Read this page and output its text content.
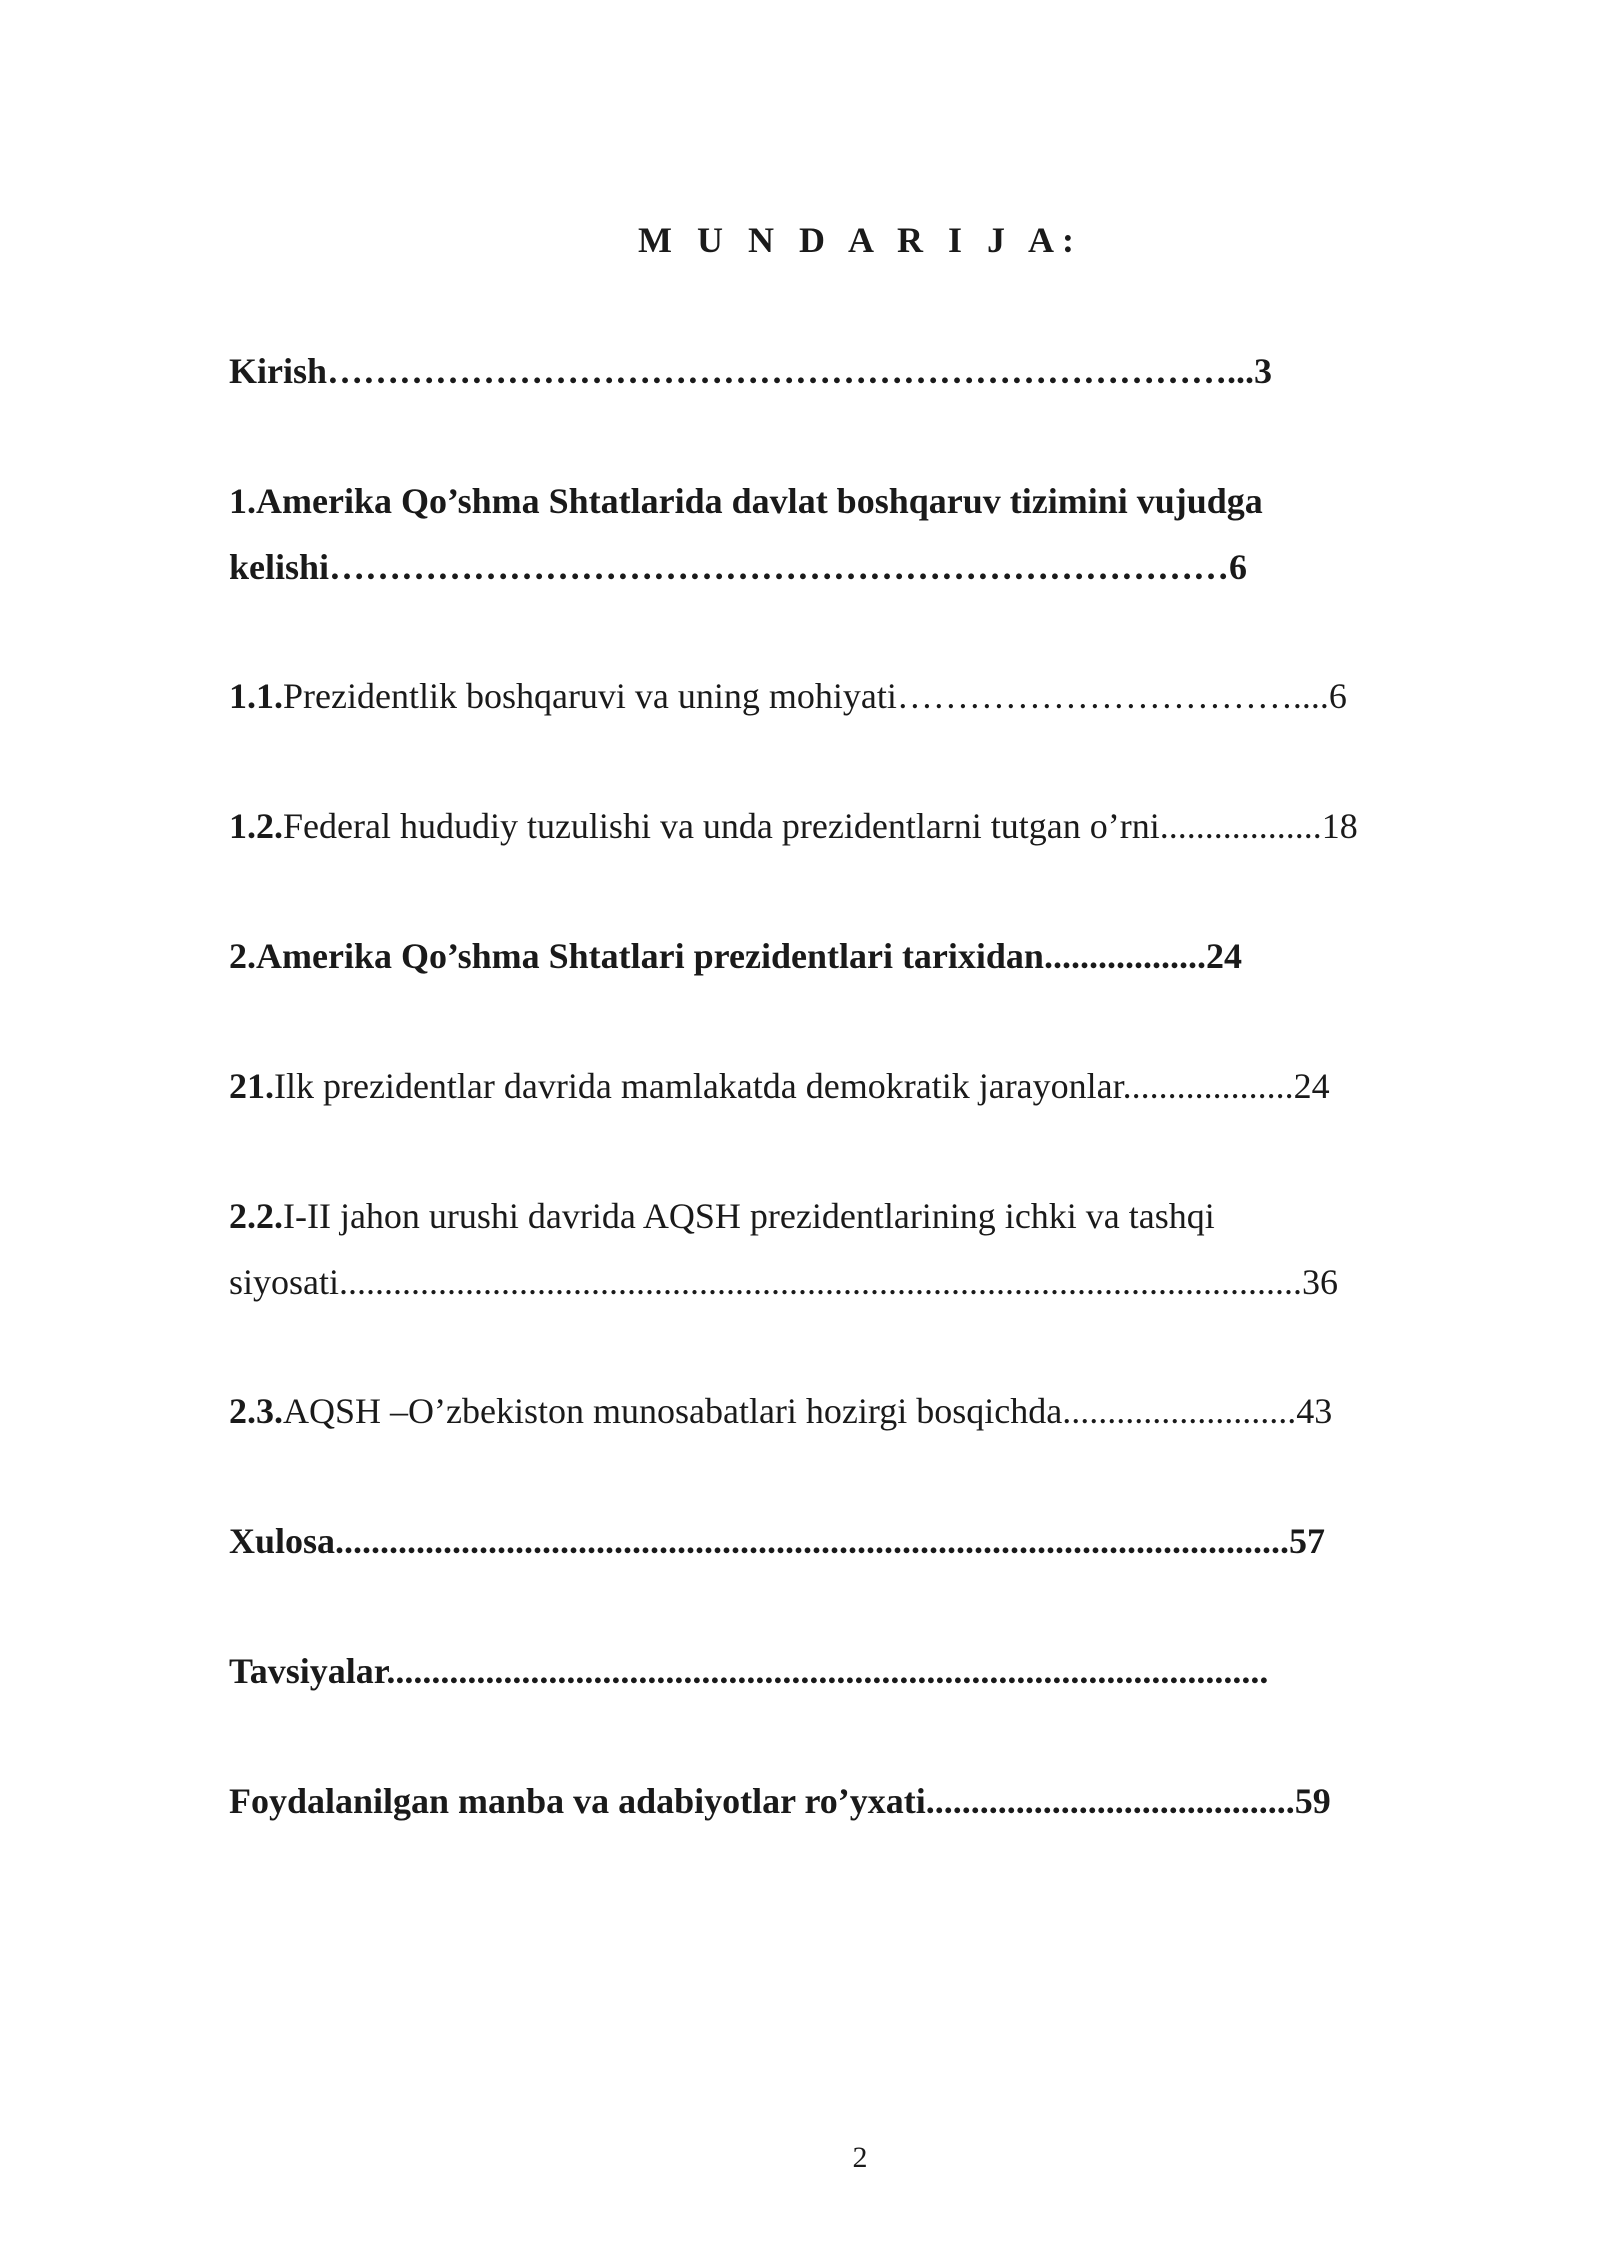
M U N D A R I J A:
Kirish…………………………………………………………………...3
1.Amerika Qo’shma Shtatlarida davlat boshqaruv tizimini vujudga
kelishi…………………………………………………………………6
1.1.Prezidentlik boshqaruvi va uning mohiyati……………………………....6
1.2.Federal hududiy tuzulishi va unda prezidentlarni tutgan o’rni..................18
2.Amerika Qo’shma Shtatlari prezidentlari tarixidan..................24
21.Ilk prezidentlar davrida mamlakatda demokratik jarayonlar...................24
2.2.I-II jahon urushi davrida AQSH prezidentlarining ichki va tashqi
siyosati...........................................................................................................36
2.3.AQSH –O’zbekiston munosabatlari hozirgi bosqichda..........................43
Xulosa..........................................................................................................57
Tavsiyalar..................................................................................................
Foydalanilgan manba va adabiyotlar ro’yxati.........................................59
2
